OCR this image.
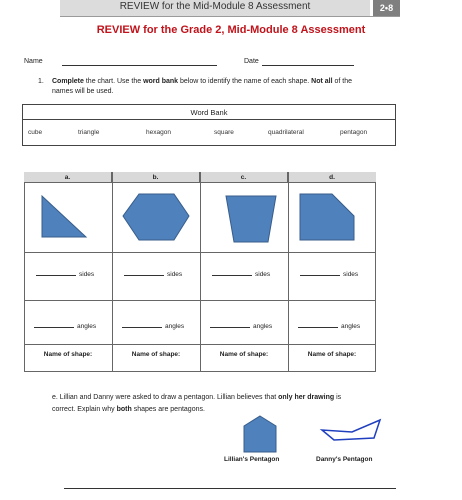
REVIEW for the Mid-Module 8 Assessment	2•8
REVIEW for the Grade 2, Mid-Module 8 Assessment
Name	Date
1. Complete the chart. Use the word bank below to identify the name of each shape. Not all of the
names will be used.
Word Bank
cube	triangle	hexagon	square	quadrilateral	pentagon
a.	b.	c.	d.
sides	sides	sides	sides
angles	angles	angles	angles
Name of shape:	Name of shape:	Name of shape:	Name of shape:
e. Lillian and Danny were asked to draw a pentagon. Lillian believes that only her drawing is
correct. Explain why both shapes are pentagons.
Lillian's Pentagon	Danny's Pentagon
